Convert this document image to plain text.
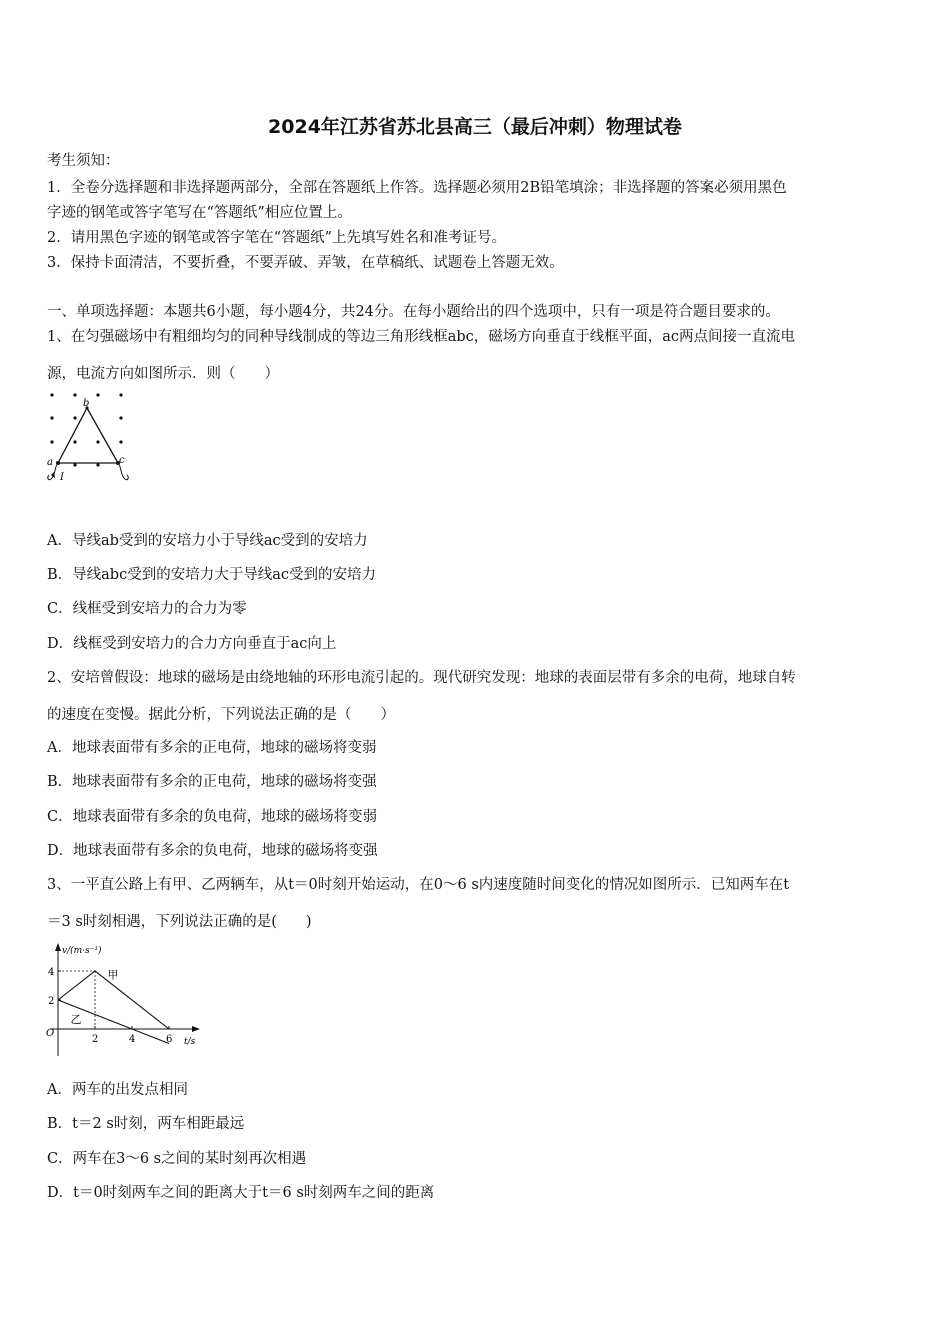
2024年江苏省苏北县高三（最后冲刺）物理试卷
考生须知：
1．全卷分选择题和非选择题两部分，全部在答题纸上作答。选择题必须用2B铅笔填涂；非选择题的答案必须用黑色
字迹的钢笔或答字笔写在“答题纸”相应位置上。
2．请用黑色字迹的钢笔或答字笔在“答题纸”上先填写姓名和准考证号。
3．保持卡面清洁，不要折叠，不要弄破、弄皱，在草稿纸、试题卷上答题无效。
一、单项选择题：本题共6小题，每小题4分，共24分。在每小题给出的四个选项中，只有一项是符合题目要求的。
1、在匀强磁场中有粗细均匀的同种导线制成的等边三角形线框abc，磁场方向垂直于线框平面，ac两点间接一直流电
源，电流方向如图所示．则（　　）
a
b
c
I
A．导线ab受到的安培力小于导线ac受到的安培力
B．导线abc受到的安培力大于导线ac受到的安培力
C．线框受到安培力的合力为零
D．线框受到安培力的合力方向垂直于ac向上
2、安培曾假设：地球的磁场是由绕地轴的环形电流引起的。现代研究发现：地球的表面层带有多余的电荷，地球自转
的速度在变慢。据此分析，下列说法正确的是（　　）
A．地球表面带有多余的正电荷，地球的磁场将变弱
B．地球表面带有多余的正电荷，地球的磁场将变强
C．地球表面带有多余的负电荷，地球的磁场将变弱
D．地球表面带有多余的负电荷，地球的磁场将变强
3、一平直公路上有甲、乙两辆车，从t＝0时刻开始运动，在0～6 s内速度随时间变化的情况如图所示．已知两车在t
＝3 s时刻相遇，下列说法正确的是(　　)
2	4	6
2
4	甲
乙
v/(m·s⁻¹)
t/s
O
A．两车的出发点相同
B．t＝2 s时刻，两车相距最远
C．两车在3～6 s之间的某时刻再次相遇
D．t＝0时刻两车之间的距离大于t＝6 s时刻两车之间的距离
